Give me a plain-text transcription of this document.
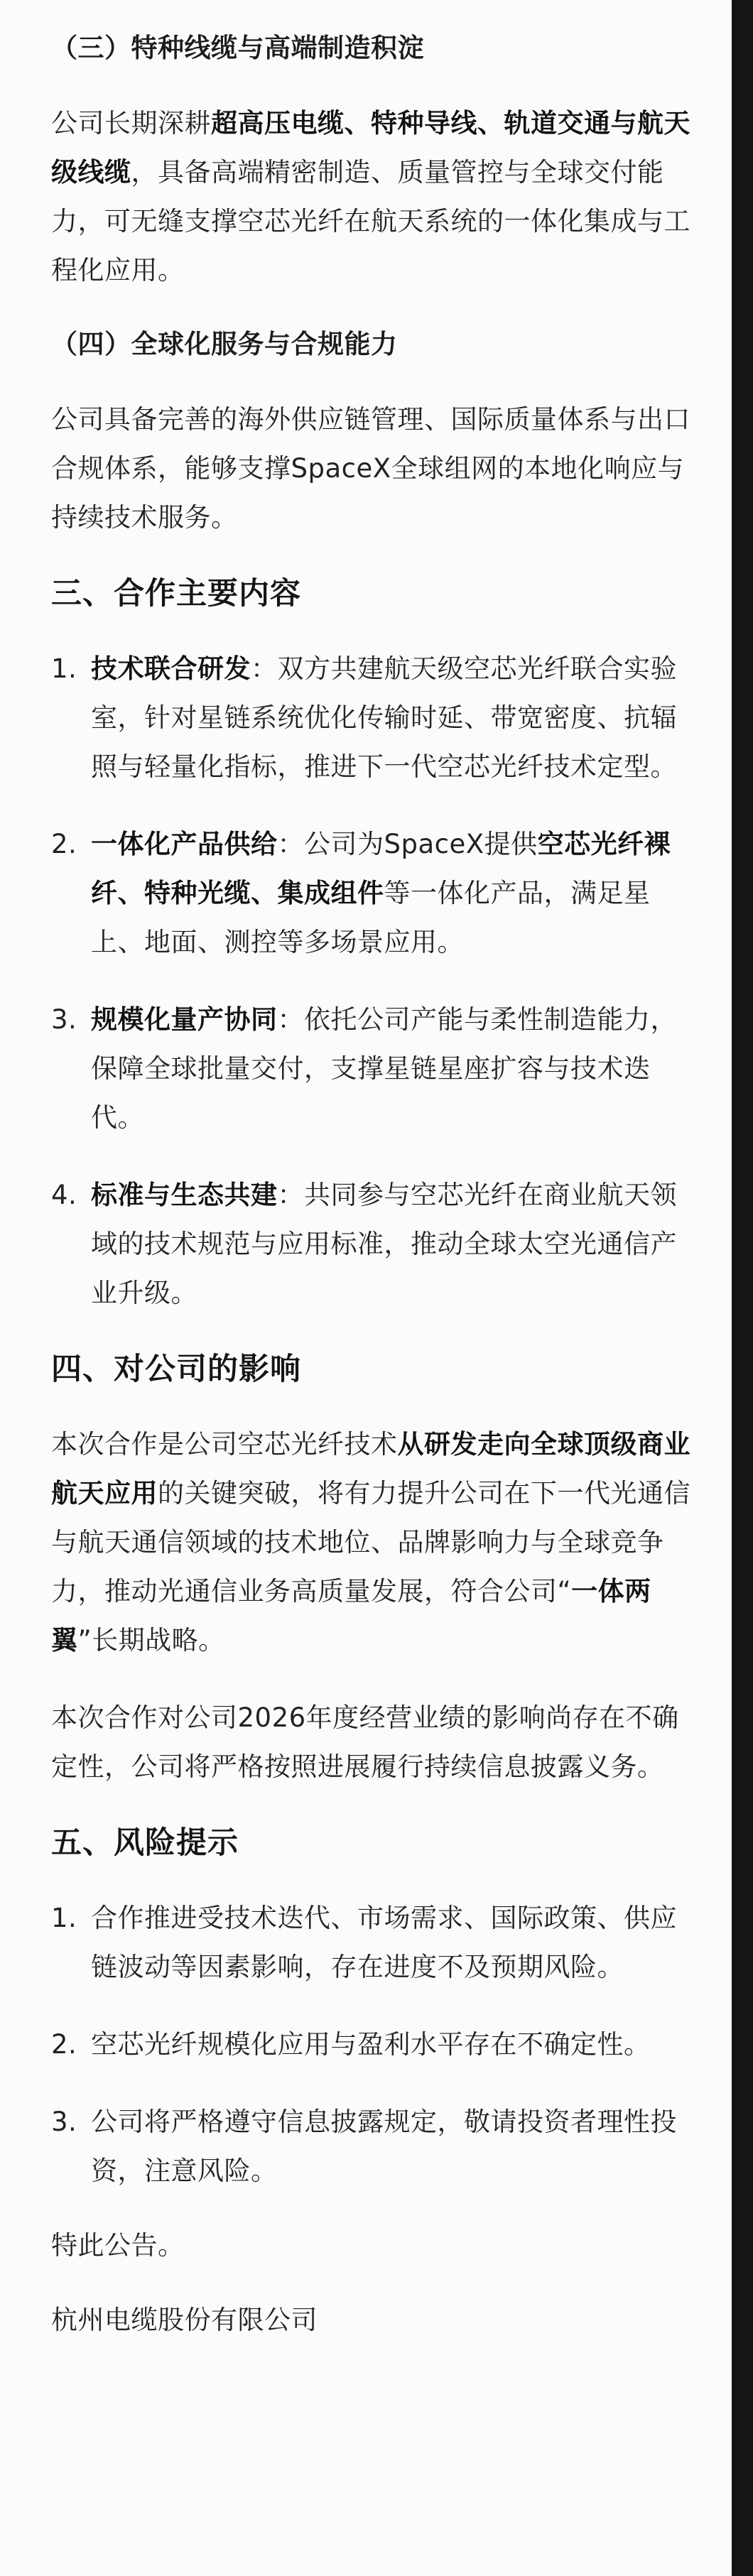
（三）特种线缆与高端制造积淀

公司长期深耕超高压电缆、特种导线、轨道交通与航天级线缆，具备高端精密制造、质量管控与全球交付能力，可无缝支撑空芯光纤在航天系统的一体化集成与工程化应用。

（四）全球化服务与合规能力

公司具备完善的海外供应链管理、国际质量体系与出口合规体系，能够支撑SpaceX全球组网的本地化响应与持续技术服务。

三、合作主要内容
1. 技术联合研发：双方共建航天级空芯光纤联合实验室，针对星链系统优化传输时延、带宽密度、抗辐照与轻量化指标，推进下一代空芯光纤技术定型。
2. 一体化产品供给：公司为SpaceX提供空芯光纤裸纤、特种光缆、集成组件等一体化产品，满足星上、地面、测控等多场景应用。
3. 规模化量产协同：依托公司产能与柔性制造能力，保障全球批量交付，支撑星链星座扩容与技术迭代。
4. 标准与生态共建：共同参与空芯光纤在商业航天领域的技术规范与应用标准，推动全球太空光通信产业升级。
四、对公司的影响

本次合作是公司空芯光纤技术从研发走向全球顶级商业航天应用的关键突破，将有力提升公司在下一代光通信与航天通信领域的技术地位、品牌影响力与全球竞争力，推动光通信业务高质量发展，符合公司“一体两翼”长期战略。

本次合作对公司2026年度经营业绩的影响尚存在不确定性，公司将严格按照进展履行持续信息披露义务。

五、风险提示
1. 合作推进受技术迭代、市场需求、国际政策、供应链波动等因素影响，存在进度不及预期风险。
2. 空芯光纤规模化应用与盈利水平存在不确定性。
3. 公司将严格遵守信息披露规定，敬请投资者理性投资，注意风险。

特此公告。

杭州电缆股份有限公司
